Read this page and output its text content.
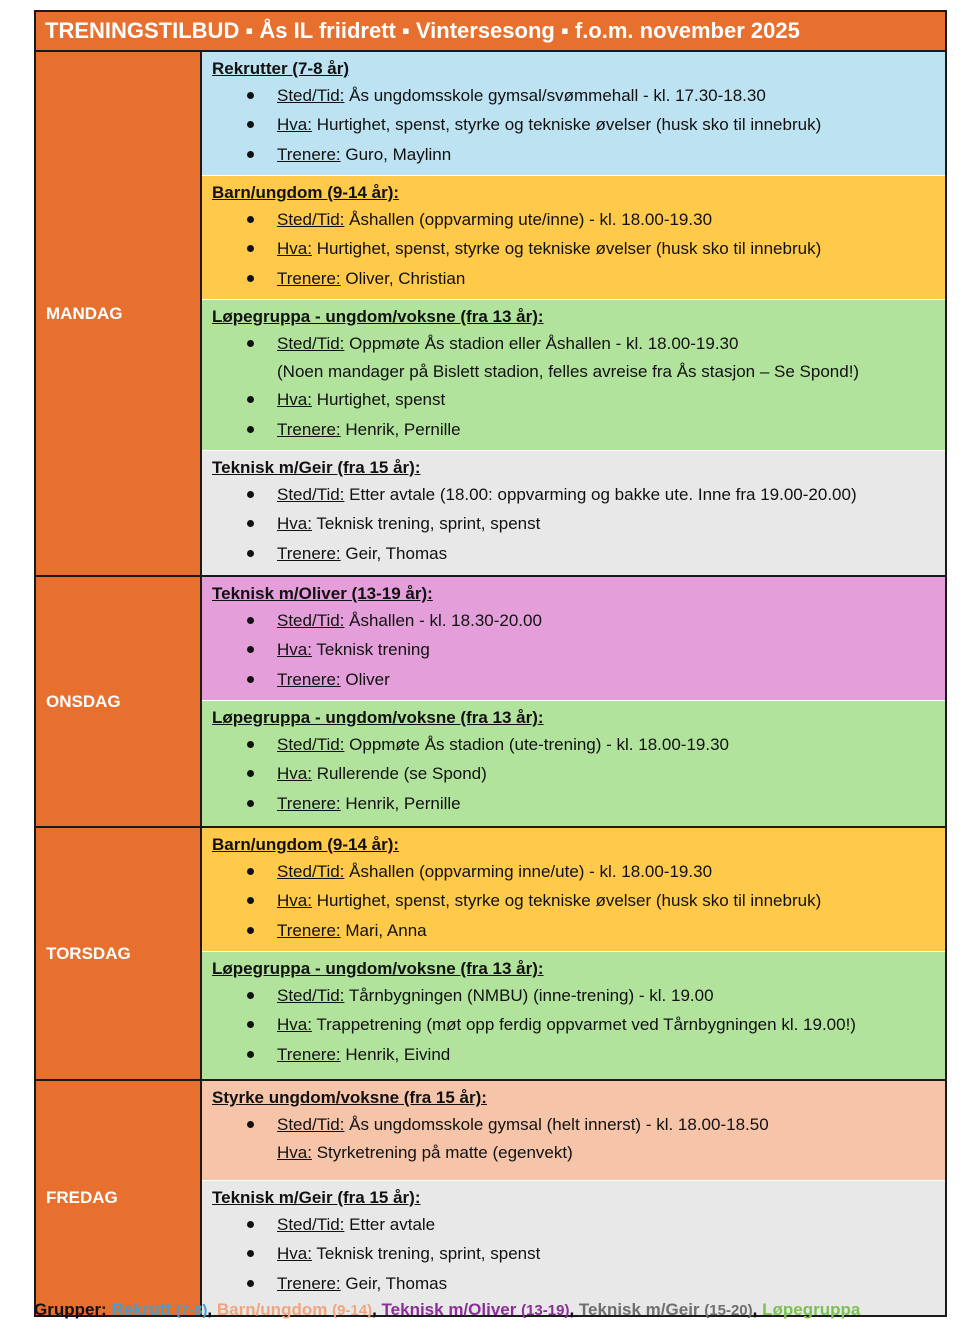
TRENINGSTILBUD ▪ Ås IL friidrett ▪ Vintersesong ▪ f.o.m. november 2025
MANDAG
Rekrutter (7-8 år)
Sted/Tid: Ås ungdomsskole gymsal/svømmehall - kl. 17.30-18.30
Hva: Hurtighet, spenst, styrke og tekniske øvelser (husk sko til innebruk)
Trenere: Guro, Maylinn
Barn/ungdom (9-14 år):
Sted/Tid: Åshallen (oppvarming ute/inne) - kl. 18.00-19.30
Hva: Hurtighet, spenst, styrke og tekniske øvelser (husk sko til innebruk)
Trenere: Oliver, Christian
Løpegruppa - ungdom/voksne (fra 13 år):
Sted/Tid: Oppmøte Ås stadion eller Åshallen - kl. 18.00-19.30
(Noen mandager på Bislett stadion, felles avreise fra Ås stasjon – Se Spond!)
Hva: Hurtighet, spenst
Trenere: Henrik, Pernille
Teknisk m/Geir (fra 15 år):
Sted/Tid: Etter avtale (18.00: oppvarming og bakke ute. Inne fra 19.00-20.00)
Hva: Teknisk trening, sprint, spenst
Trenere: Geir, Thomas
ONSDAG
Teknisk m/Oliver (13-19 år):
Sted/Tid: Åshallen - kl. 18.30-20.00
Hva: Teknisk trening
Trenere: Oliver
Løpegruppa - ungdom/voksne (fra 13 år):
Sted/Tid: Oppmøte Ås stadion (ute-trening) - kl. 18.00-19.30
Hva: Rullerende (se Spond)
Trenere: Henrik, Pernille
TORSDAG
Barn/ungdom (9-14 år):
Sted/Tid: Åshallen (oppvarming inne/ute) - kl. 18.00-19.30
Hva: Hurtighet, spenst, styrke og tekniske øvelser (husk sko til innebruk)
Trenere: Mari, Anna
Løpegruppa - ungdom/voksne (fra 13 år):
Sted/Tid: Tårnbygningen (NMBU) (inne-trening) - kl. 19.00
Hva: Trappetrening (møt opp ferdig oppvarmet ved Tårnbygningen kl. 19.00!)
Trenere: Henrik, Eivind
FREDAG
Styrke ungdom/voksne (fra 15 år):
Sted/Tid: Ås ungdomsskole gymsal (helt innerst) - kl. 18.00-18.50
Hva: Styrketrening på matte (egenvekt)
Teknisk m/Geir (fra 15 år):
Sted/Tid: Etter avtale
Hva: Teknisk trening, sprint, spenst
Trenere: Geir, Thomas
Grupper: Rekrutt (7-8), Barn/ungdom (9-14), Teknisk m/Oliver (13-19), Teknisk m/Geir (15-20), Løpegruppa
